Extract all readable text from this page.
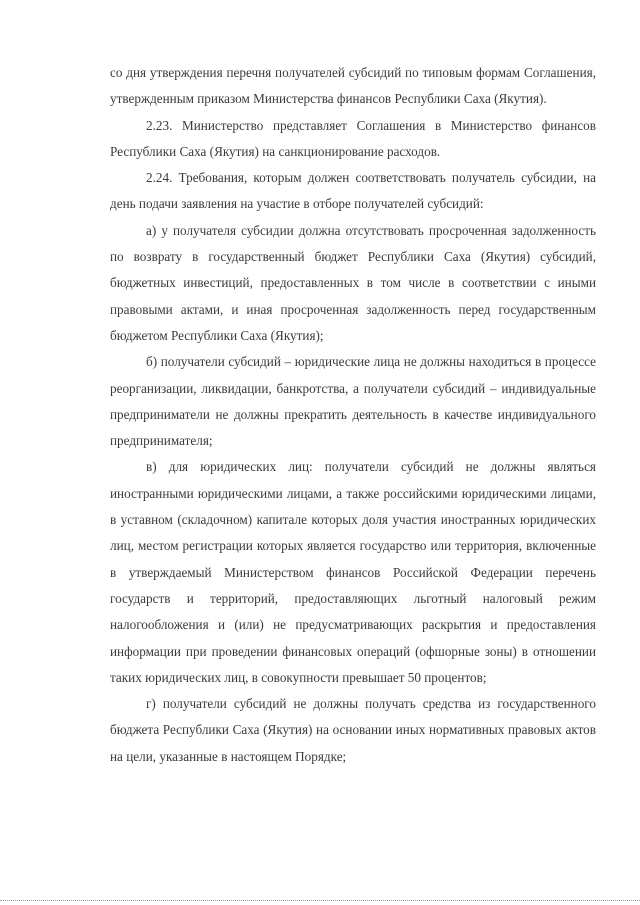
со дня утверждения перечня получателей субсидий по типовым формам Соглашения, утвержденным приказом Министерства финансов Республики Саха (Якутия).

2.23. Министерство представляет Соглашения в Министерство финансов Республики Саха (Якутия) на санкционирование расходов.

2.24. Требования, которым должен соответствовать получатель субсидии, на день подачи заявления на участие в отборе получателей субсидий:

а) у получателя субсидии должна отсутствовать просроченная задолженность по возврату в государственный бюджет Республики Саха (Якутия) субсидий, бюджетных инвестиций, предоставленных в том числе в соответствии с иными правовыми актами, и иная просроченная задолженность перед государственным бюджетом Республики Саха (Якутия);

б) получатели субсидий – юридические лица не должны находиться в процессе реорганизации, ликвидации, банкротства, а получатели субсидий – индивидуальные предприниматели не должны прекратить деятельность в качестве индивидуального предпринимателя;

в) для юридических лиц: получатели субсидий не должны являться иностранными юридическими лицами, а также российскими юридическими лицами, в уставном (складочном) капитале которых доля участия иностранных юридических лиц, местом регистрации которых является государство или территория, включенные в утверждаемый Министерством финансов Российской Федерации перечень государств и территорий, предоставляющих льготный налоговый режим налогообложения и (или) не предусматривающих раскрытия и предоставления информации при проведении финансовых операций (офшорные зоны) в отношении таких юридических лиц, в совокупности превышает 50 процентов;

г) получатели субсидий не должны получать средства из государственного бюджета Республики Саха (Якутия) на основании иных нормативных правовых актов на цели, указанные в настоящем Порядке;
